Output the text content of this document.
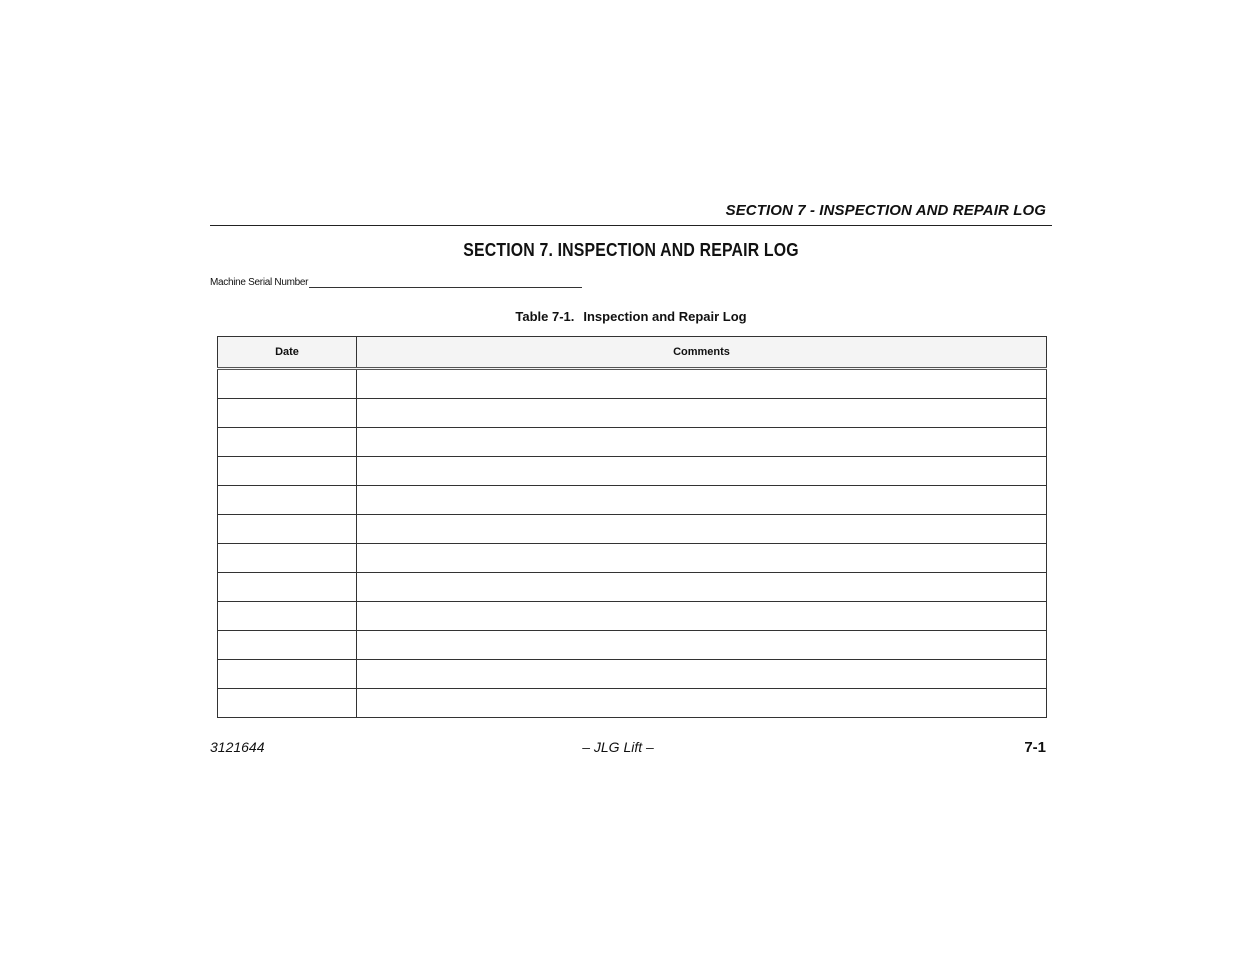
SECTION 7 - INSPECTION AND REPAIR LOG
SECTION 7. INSPECTION AND REPAIR LOG
Machine Serial Number
Table 7-1. Inspection and Repair Log
Date	Comments

3121644	– JLG Lift –	7-1
